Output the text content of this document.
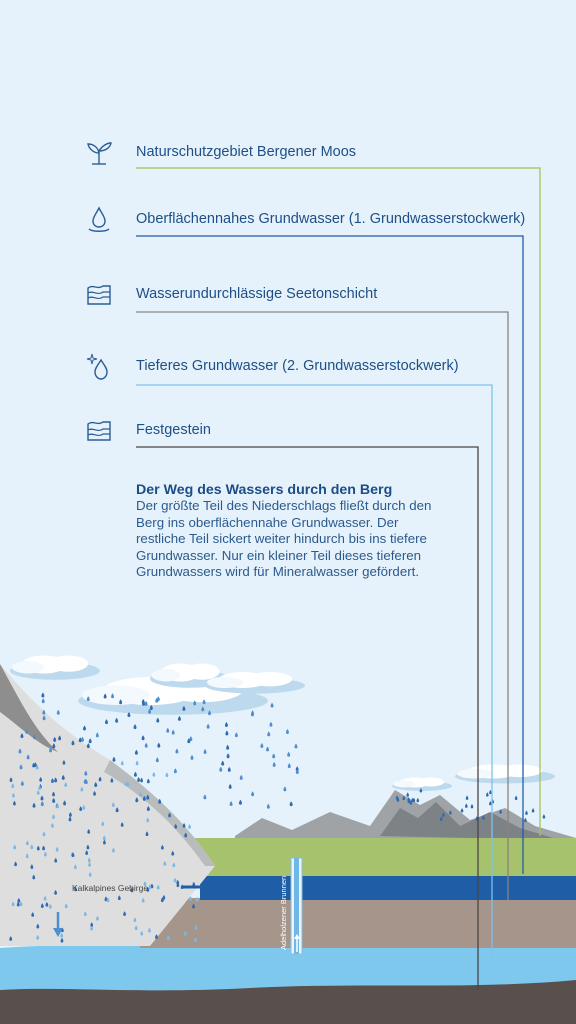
Adelholzener Brunnen
Kalkalpines Gebirge
Naturschutzgebiet Bergener Moos
Oberflächennahes Grundwasser (1. Grundwasserstockwerk)
Wasserundurchlässige Seetonschicht
Tieferes Grundwasser (2. Grundwasserstockwerk)
Festgestein
Der Weg des Wassers durch den Berg
Der größte Teil des Niederschlags fließt durch den Berg ins oberflächennahe Grundwasser. Der restliche Teil sickert weiter hindurch bis ins tiefere Grundwasser. Nur ein kleiner Teil dieses tieferen Grundwassers wird für Mineralwasser gefördert.
